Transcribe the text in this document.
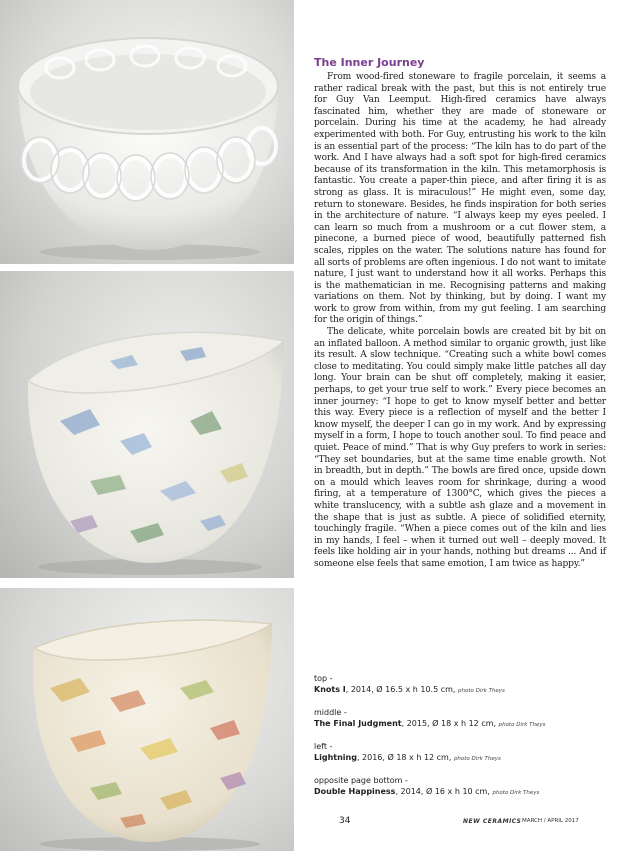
The Inner Journey

From wood-fired stoneware to fragile porcelain, it seems a rather radical break with the past, but this is not entirely true for Guy Van Leemput. High-fired ceramics have always fascinated him, whether they are made of stoneware or porcelain. During his time at the academy, he had already experimented with both. For Guy, entrusting his work to the kiln is an essential part of the process: “The kiln has to do part of the work. And I have always had a soft spot for high-fired ceramics because of its transformation in the kiln. This metamorphosis is fantastic. You create a paper-thin piece, and after firing it is as strong as glass. It is miraculous!” He might even, some day, return to stoneware. Besides, he finds inspiration for both series in the architecture of nature. “I always keep my eyes peeled. I can learn so much from a mushroom or a cut flower stem, a pinecone, a burned piece of wood, beautifully patterned fish scales, ripples on the water. The solutions nature has found for all sorts of problems are often ingenious. I do not want to imitate nature, I just want to understand how it all works. Perhaps this is the mathematician in me. Recognising patterns and making variations on them. Not by thinking, but by doing. I want my work to grow from within, from my gut feeling. I am searching for the origin of things.”

The delicate, white porcelain bowls are created bit by bit on an inflated balloon. A method similar to organic growth, just like its result. A slow technique. “Creating such a white bowl comes close to meditating. You could simply make little patches all day long. Your brain can be shut off completely, making it easier, perhaps, to get your true self to work.” Every piece becomes an inner journey: “I hope to get to know myself better and better this way. Every piece is a reflection of myself and the better I know myself, the deeper I can go in my work. And by expressing myself in a form, I hope to touch another soul. To find peace and quiet. Peace of mind.” That is why Guy prefers to work in series: “They set boundaries, but at the same time enable growth. Not in breadth, but in depth.” The bowls are fired once, upside down on a mould which leaves room for shrinkage, during a wood firing, at a temperature of 1300°C, which gives the pieces a white translucency, with a subtle ash glaze and a movement in the shape that is just as subtle. A piece of solidified eternity, touchingly fragile. “When a piece comes out of the kiln and lies in my hands, I feel – when it turned out well – deeply moved. It feels like holding air in your hands, nothing but dreams ... And if someone else feels that same emotion, I am twice as happy.”

top -
Knots I, 2014, Ø 16.5 x h 10.5 cm, photo Dirk Theys
middle -
The Final Judgment, 2015, Ø 18 x h 12 cm, photo Dirk Theys
left -
Lightning, 2016, Ø 18 x h 12 cm, photo Dirk Theys
opposite page bottom -
Double Happiness, 2014, Ø 16 x h 10 cm, photo Dirk Theys
34	NEW CERAMICS MARCH / APRIL 2017
